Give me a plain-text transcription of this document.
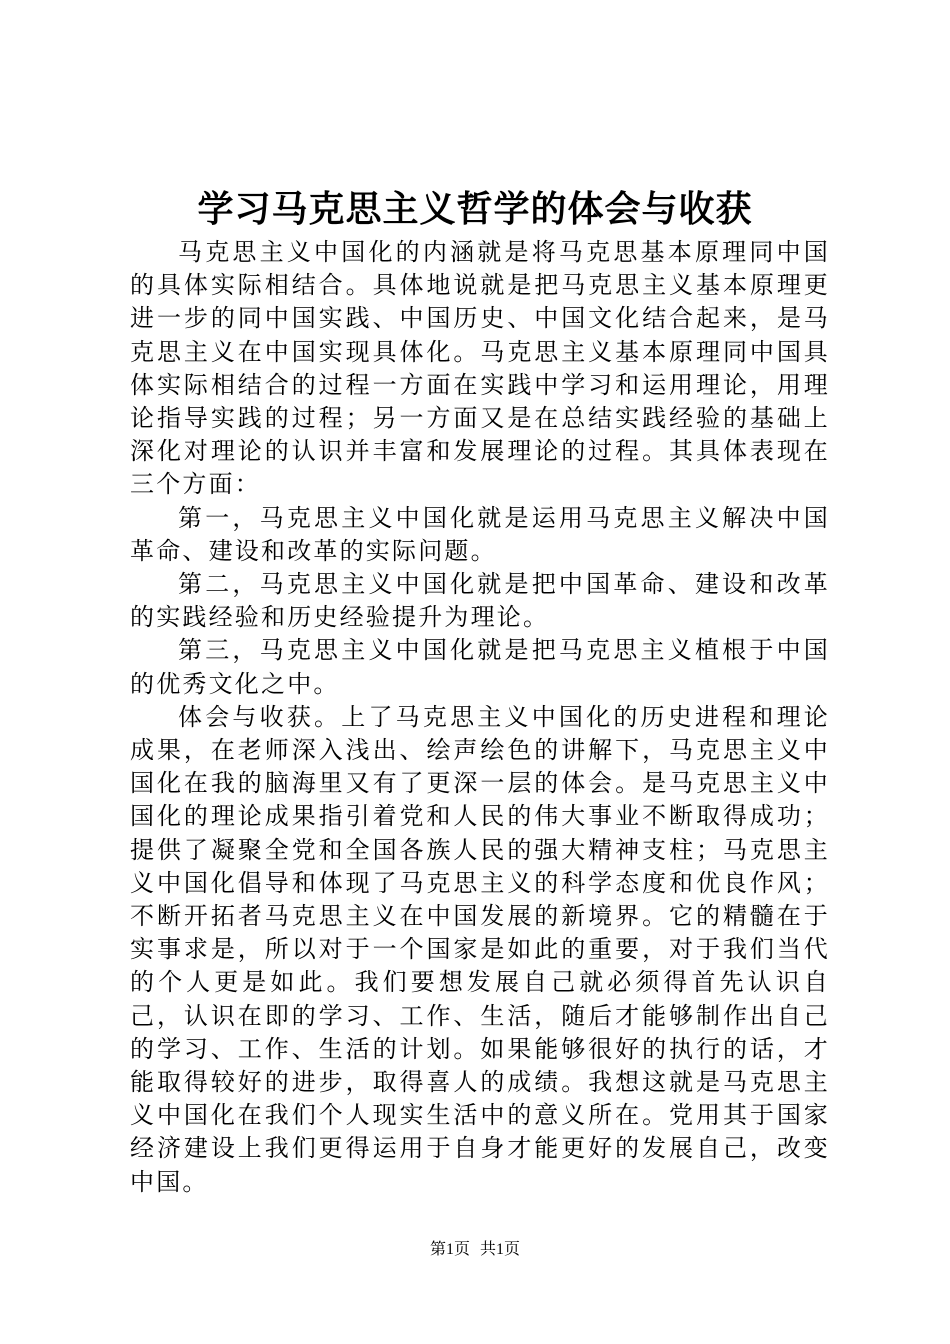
学习马克思主义哲学的体会与收获

马克思主义中国化的内涵就是将马克思基本原理同中国的具体实际相结合。具体地说就是把马克思主义基本原理更进一步的同中国实践、中国历史、中国文化结合起来，是马克思主义在中国实现具体化。马克思主义基本原理同中国具体实际相结合的过程一方面在实践中学习和运用理论，用理论指导实践的过程；另一方面又是在总结实践经验的基础上深化对理论的认识并丰富和发展理论的过程。其具体表现在三个方面：

第一，马克思主义中国化就是运用马克思主义解决中国革命、建设和改革的实际问题。

第二，马克思主义中国化就是把中国革命、建设和改革的实践经验和历史经验提升为理论。

第三，马克思主义中国化就是把马克思主义植根于中国的优秀文化之中。

体会与收获。上了马克思主义中国化的历史进程和理论成果，在老师深入浅出、绘声绘色的讲解下，马克思主义中国化在我的脑海里又有了更深一层的体会。是马克思主义中国化的理论成果指引着党和人民的伟大事业不断取得成功；提供了凝聚全党和全国各族人民的强大精神支柱；马克思主义中国化倡导和体现了马克思主义的科学态度和优良作风；不断开拓者马克思主义在中国发展的新境界。它的精髓在于实事求是，所以对于一个国家是如此的重要，对于我们当代的个人更是如此。我们要想发展自己就必须得首先认识自己，认识在即的学习、工作、生活，随后才能够制作出自己的学习、工作、生活的计划。如果能够很好的执行的话，才能取得较好的进步，取得喜人的成绩。我想这就是马克思主义中国化在我们个人现实生活中的意义所在。党用其于国家经济建设上我们更得运用于自身才能更好的发展自己，改变中国。

第1页 共1页
